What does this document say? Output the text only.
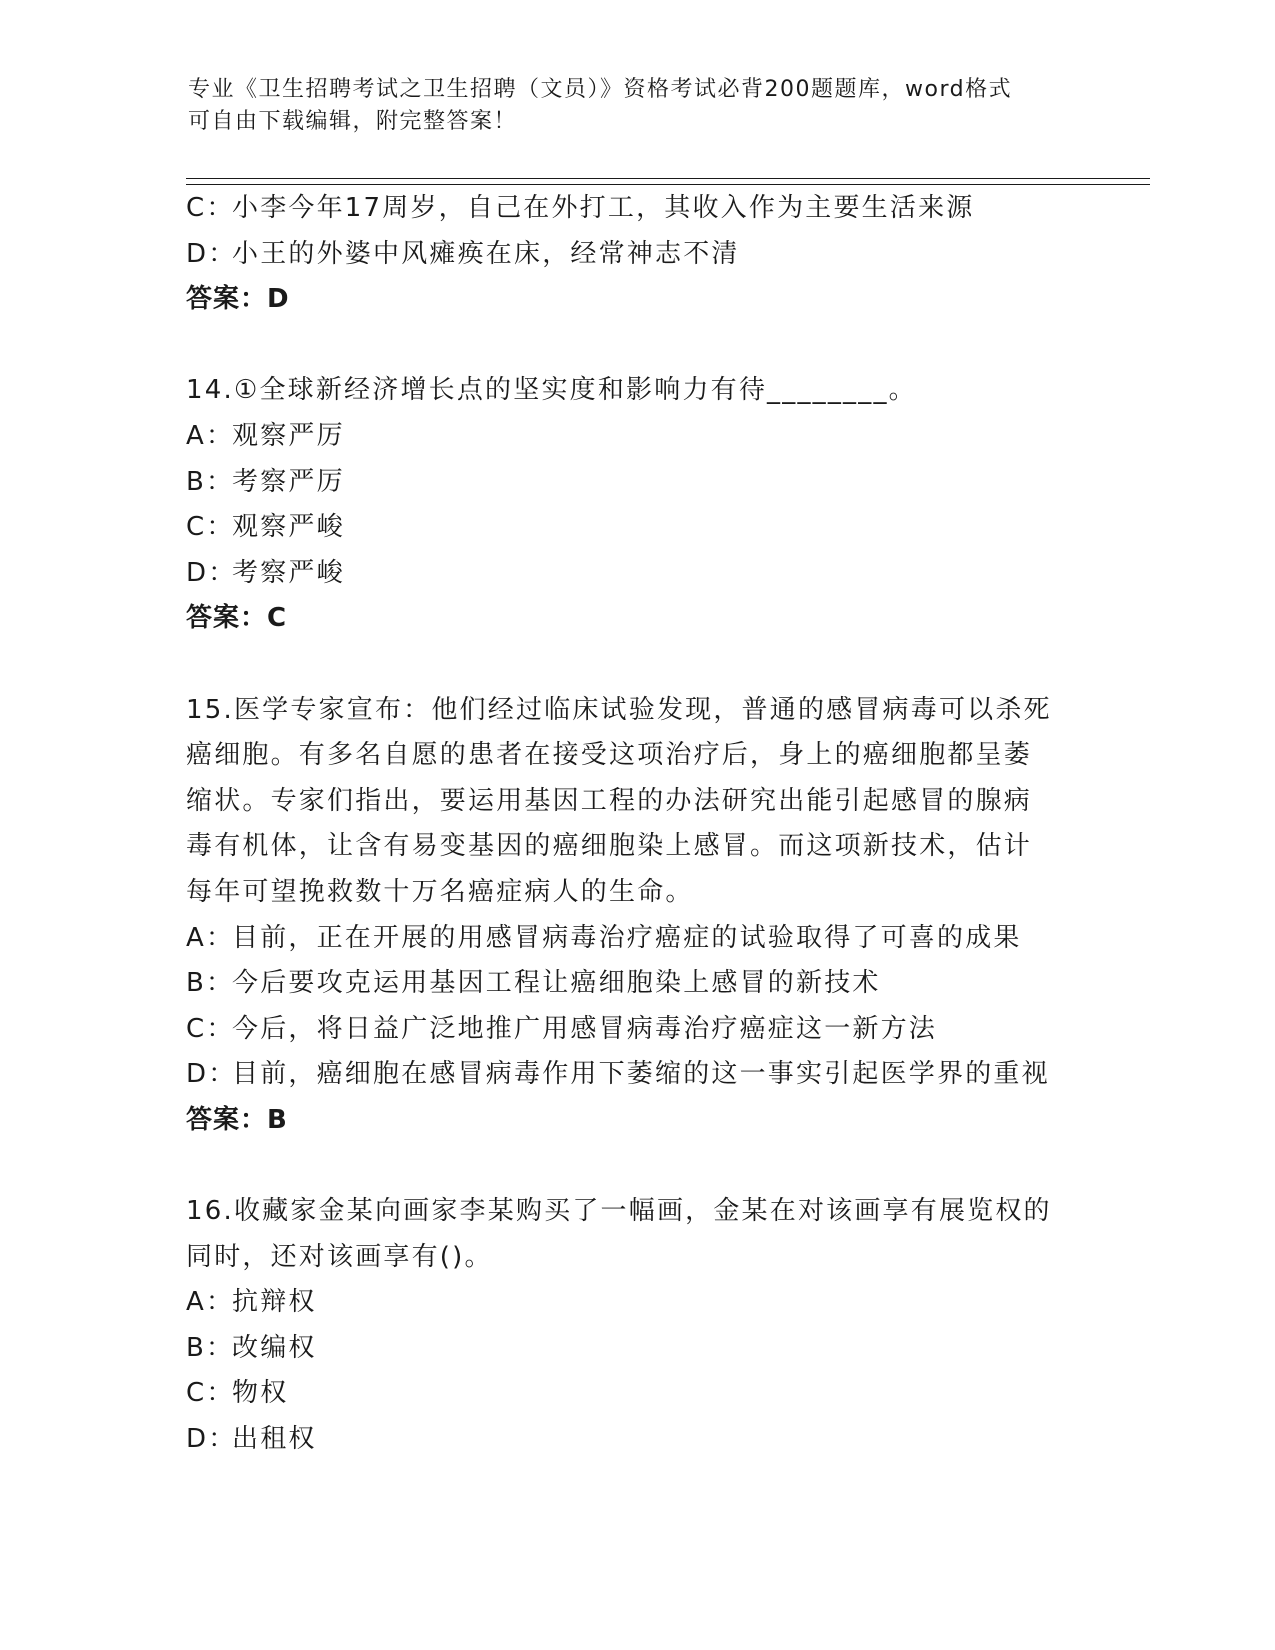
专业《卫生招聘考试之卫生招聘（文员）》资格考试必背200题题库，word格式
可自由下载编辑，附完整答案！
C：小李今年17周岁，自己在外打工，其收入作为主要生活来源
D：小王的外婆中风瘫痪在床，经常神志不清
答案：D
14.①全球新经济增长点的坚实度和影响力有待________。
A：观察严厉
B：考察严厉
C：观察严峻
D：考察严峻
答案：C
15.医学专家宣布：他们经过临床试验发现，普通的感冒病毒可以杀死
癌细胞。有多名自愿的患者在接受这项治疗后，身上的癌细胞都呈萎
缩状。专家们指出，要运用基因工程的办法研究出能引起感冒的腺病
毒有机体，让含有易变基因的癌细胞染上感冒。而这项新技术，估计
每年可望挽救数十万名癌症病人的生命。
A：目前，正在开展的用感冒病毒治疗癌症的试验取得了可喜的成果
B：今后要攻克运用基因工程让癌细胞染上感冒的新技术
C：今后，将日益广泛地推广用感冒病毒治疗癌症这一新方法
D：目前，癌细胞在感冒病毒作用下萎缩的这一事实引起医学界的重视
答案：B
16.收藏家金某向画家李某购买了一幅画，金某在对该画享有展览权的
同时，还对该画享有()。
A：抗辩权
B：改编权
C：物权
D：出租权
